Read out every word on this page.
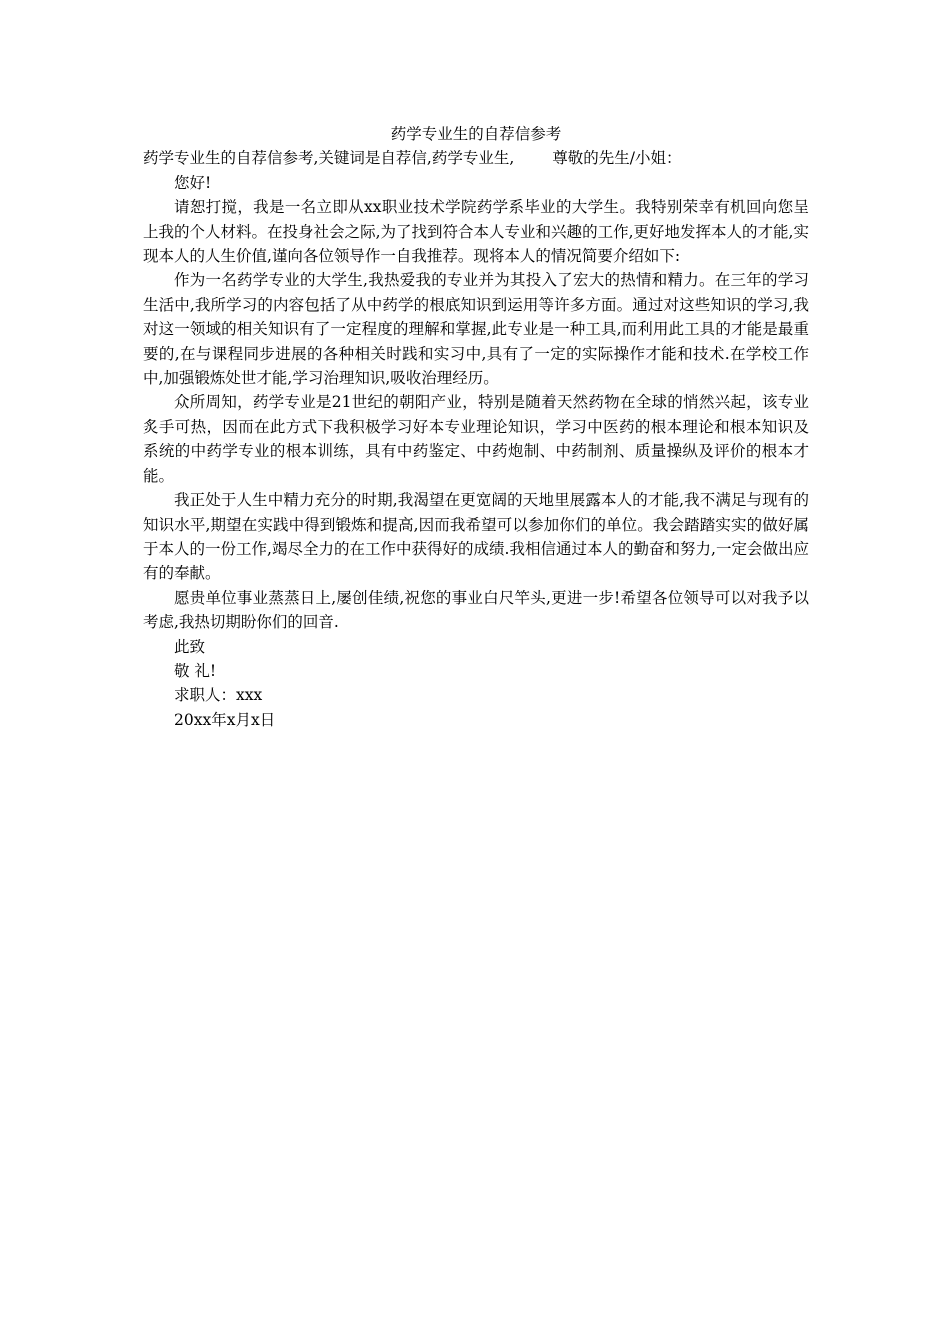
药学专业生的自荐信参考

药学专业生的自荐信参考,关键词是自荐信,药学专业生, 尊敬的先生/小姐：

您好!

请恕打搅，我是一名立即从xx职业技术学院药学系毕业的大学生。我特别荣幸有机回向您呈上我的个人材料。在投身社会之际,为了找到符合本人专业和兴趣的工作,更好地发挥本人的才能,实现本人的人生价值,谨向各位领导作一自我推荐。现将本人的情况简要介绍如下:

作为一名药学专业的大学生,我热爱我的专业并为其投入了宏大的热情和精力。在三年的学习生活中,我所学习的内容包括了从中药学的根底知识到运用等许多方面。通过对这些知识的学习,我对这一领域的相关知识有了一定程度的理解和掌握,此专业是一种工具,而利用此工具的才能是最重要的,在与课程同步进展的各种相关时践和实习中,具有了一定的实际操作才能和技术.在学校工作中,加强锻炼处世才能,学习治理知识,吸收治理经历。

众所周知，药学专业是21世纪的朝阳产业，特别是随着天然药物在全球的悄然兴起，该专业炙手可热，因而在此方式下我积极学习好本专业理论知识，学习中医药的根本理论和根本知识及系统的中药学专业的根本训练，具有中药鉴定、中药炮制、中药制剂、质量操纵及评价的根本才能。

我正处于人生中精力充分的时期,我渴望在更宽阔的天地里展露本人的才能,我不满足与现有的知识水平,期望在实践中得到锻炼和提高,因而我希望可以参加你们的单位。我会踏踏实实的做好属于本人的一份工作,竭尽全力的在工作中获得好的成绩.我相信通过本人的勤奋和努力,一定会做出应有的奉献。

愿贵单位事业蒸蒸日上,屡创佳绩,祝您的事业白尺竿头,更进一步!希望各位领导可以对我予以考虑,我热切期盼你们的回音.

此致

敬 礼!

求职人：xxx

20xx年x月x日
